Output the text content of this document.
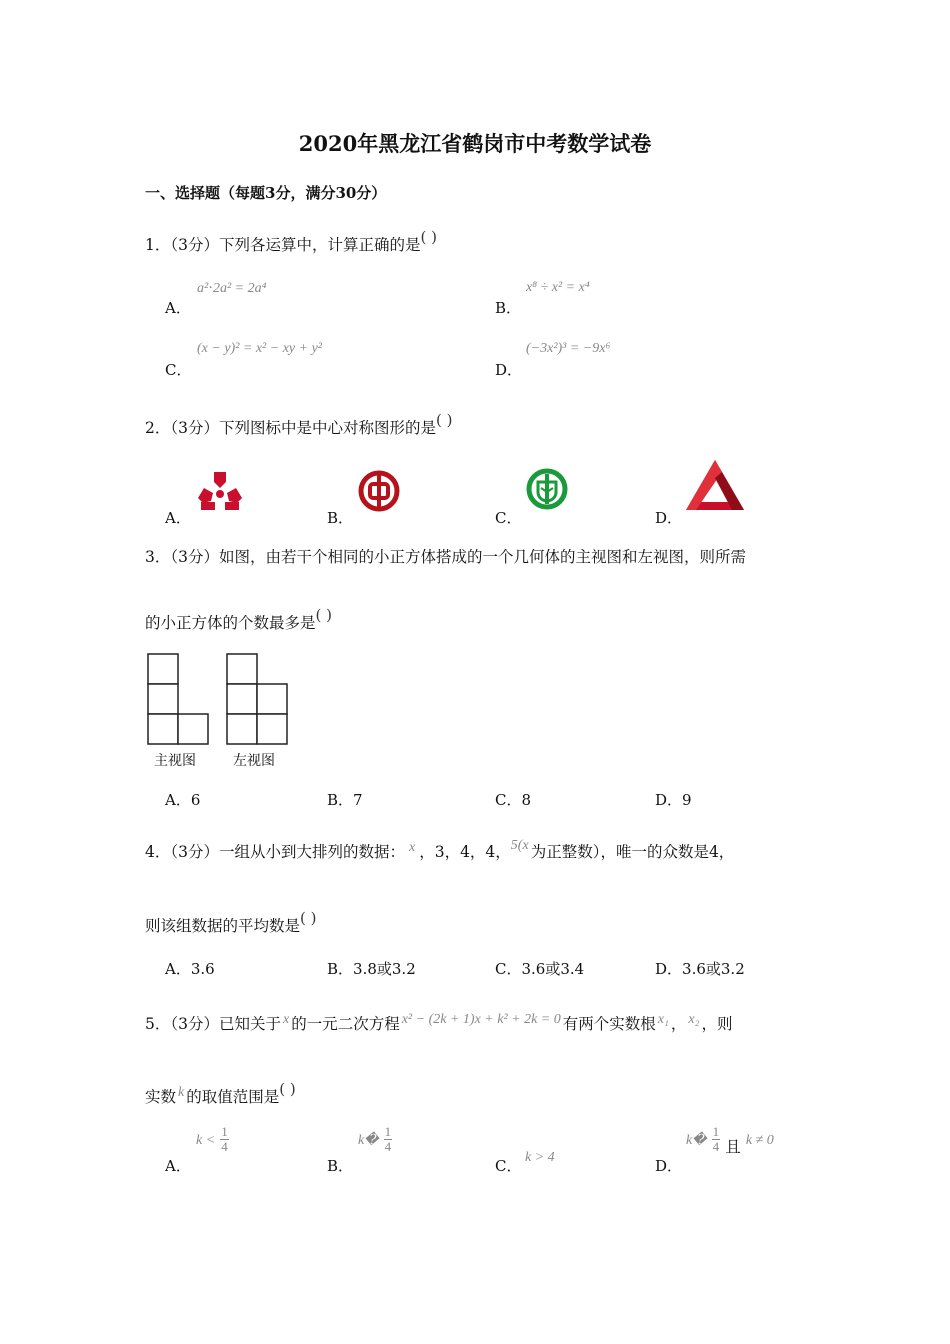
2020年黑龙江省鹤岗市中考数学试卷
一、选择题（每题3分，满分30分）
1．（3分）下列各运算中，计算正确的是( )
A．
a²⋅2a² = 2a⁴
B．
x⁸ ÷ x² = x⁴
C．
(x − y)² = x² − xy + y²
D．
(−3x²)³ = −9x⁶
2．（3分）下列图标中是中心对称图形的是( )
A．	B．	C．	D．
3．（3分）如图，由若干个相同的小正方体搭成的一个几何体的主视图和左视图，则所需
的小正方体的个数最多是( )
主视图	左视图
A．6	B．7	C．8	D．9
4．（3分）一组从小到大排列的数据： x ，3，4，4，5(x 为正整数），唯一的众数是4，
则该组数据的平均数是( )
A．3.6	B．3.8或3.2	C．3.6或3.4	D．3.6或3.2
5．（3分）已知关于 x 的一元二次方程 x² − (2k + 1)x + k² + 2k = 0 有两个实数根 x₁ ， x₂ ，则
实数 k 的取值范围是( )
A．
$k < \frac{1}{4}$
B．
k� $\frac{1}{4}$
C． k > 4	D．
k� $\frac{1}{4}$ 且 k ≠ 0
